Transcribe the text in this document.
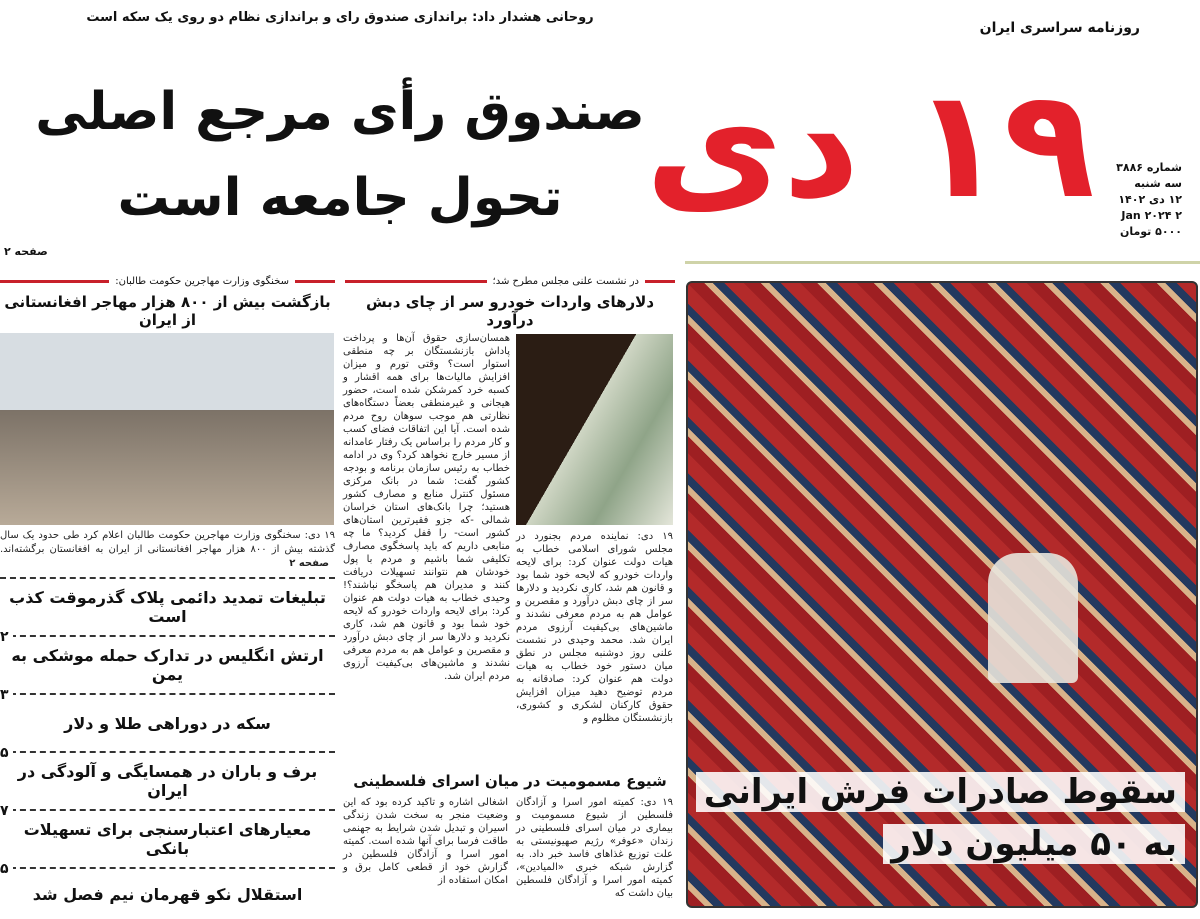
روزنامه سراسری ایران
۱۹ دی شماره ۳۸۸۶
سه شنبه
۱۲ دی ۱۴۰۲
۲ Jan ۲۰۲۴
۵۰۰۰ تومان
روحانی هشدار داد: براندازی صندوق رای و براندازی نظام دو روی یک سکه است
صندوق رأی مرجع اصلی
تحول جامعه است
صفحه ۲
سخنگوی وزارت مهاجرین حکومت طالبان:	در نشست علنی مجلس مطرح شد؛
بازگشت بیش از ۸۰۰ هزار مهاجر افغانستانی از ایران
۱۹ دی: سخنگوی وزارت مهاجرین حکومت طالبان اعلام کرد طی حدود یک سال گذشته بیش از ۸۰۰ هزار مهاجر افغانستانی از ایران به افغانستان برگشته‌اند. صفحه ۲
تبلیغات تمدید دائمی پلاک گذرموقت کذب است
۲
ارتش انگلیس در تدارک حمله موشکی به یمن
۳
سکه در دوراهی طلا و دلار
۵
برف و باران در همسایگی و آلودگی در ایران
۷
معیارهای اعتبارسنجی برای تسهیلات بانکی
۵
استقلال نکو قهرمان نیم فصل شد
دلارهای واردات خودرو سر از چای دبش درآورد
همسان‌سازی حقوق آن‌ها و پرداخت پاداش بازنشستگان بر چه منطقی استوار است؟ وقتی تورم و میزان افزایش مالیات‌ها برای همه اقشار و کسبه خرد کمرشکن شده است، حضور هیجانی و غیرمنطقی بعضاً دستگاه‌های نظارتی هم موجب سوهان روح مردم شده است. آیا این اتفاقات فضای کسب و کار مردم را براساس یک رفتار عامدانه از مسیر خارج نخواهد کرد؟ وی در ادامه خطاب به رئیس سازمان برنامه و بودجه کشور گفت: شما در بانک مرکزی مسئول کنترل منابع و مصارف کشور هستید؛ چرا بانک‌های استان خراسان شمالی -که جزو فقیرترین استان‌های کشور است- را قفل کردید؟ ما چه منابعی داریم که باید پاسخگوی مصارف تکلیفی شما باشیم و مردم با پول خودشان هم نتوانند تسهیلات دریافت کنند و مدیران هم پاسخگو نباشند؟! وحیدی خطاب به هیات دولت هم عنوان کرد: برای لایحه واردات خودرو که لایحه خود شما بود و قانون هم شد، کاری نکردید و دلارها سر از چای دبش درآورد و مقصرین و عوامل هم به مردم معرفی نشدند و ماشین‌های بی‌کیفیت آرزوی مردم ایران شد.
۱۹ دی: نماینده مردم بجنورد در مجلس شورای اسلامی خطاب به هیات دولت عنوان کرد: برای لایحه واردات خودرو که لایحه خود شما بود و قانون هم شد، کاری نکردید و دلارها سر از چای دبش درآورد و مقصرین و عوامل هم به مردم معرفی نشدند و ماشین‌های بی‌کیفیت آرزوی مردم ایران شد. محمد وحیدی در نشست علنی روز دوشنبه مجلس در نطق میان دستور خود خطاب به هیات دولت هم عنوان کرد: صادقانه به مردم توضیح دهید میزان افزایش حقوق کارکنان لشکری و کشوری، بازنشستگان مظلوم و
شیوع مسمومیت در میان اسرای فلسطینی
اشغالی اشاره و تاکید کرده بود که این وضعیت منجر به سخت شدن زندگی اسیران و تبدیل شدن شرایط به جهنمی طاقت فرسا برای آنها شده است. کمیته امور اسرا و آزادگان فلسطین در گزارش خود از قطعی کامل برق و امکان استفاده از
۱۹ دی: کمیته امور اسرا و آزادگان فلسطین از شیوع مسمومیت و بیماری در میان اسرای فلسطینی در زندان «عوفر» رژیم صهیونیستی به علت توزیع غذاهای فاسد خبر داد. به گزارش شبکه خبری «المیادین»، کمیته امور اسرا و آزادگان فلسطین بیان داشت که
سقوط صادرات فرش ایرانی
به ۵۰ میلیون دلار
